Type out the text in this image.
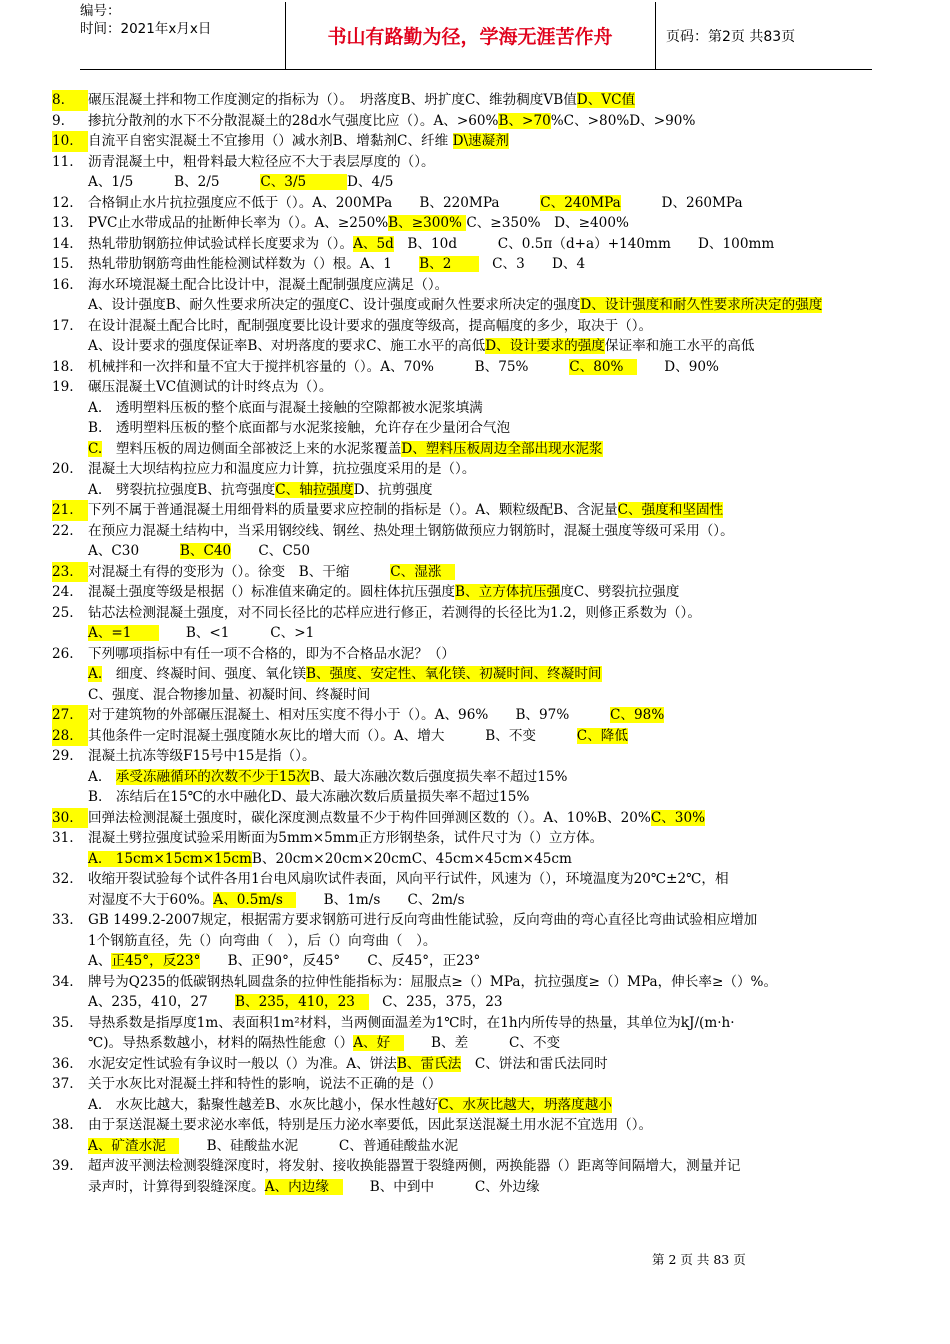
编号：
时间：2021年x月x日	书山有路勤为径，学海无涯苦作舟	页码：第2页 共83页
8.	碾压混凝土拌和物工作度测定的指标为（）。　坍落度B、坍扩度C、维勃稠度VB值D、VC值
9.	掺抗分散剂的水下不分散混凝土的28d水气强度比应（）。A、>60%B、>70%C、>80%D、>90%
10.	自流平自密实混凝土不宜掺用（）减水剂B、增黏剂C、纤维 D\速凝剂
11.	沥青混凝土中，粗骨料最大粒径应不大于表层厚度的（）。
A、1/5　　　B、2/5　　　C、3/5　　　D、4/5
12.	合格铜止水片抗拉强度应不低于（）。A、200MPa　　B、220MPa　　　C、240MPa　　　D、260MPa
13.	PVC止水带成品的扯断伸长率为（）。A、≥250%B、≥300% C、≥350%　D、≥400%
14.	热轧带肋钢筋拉伸试验试样长度要求为（）。A、5d　B、10d　　　C、0.5π（d+a）+140mm　　D、100mm
15.	热轧带肋钢筋弯曲性能检测试样数为（）根。A、1　　B、2　　　C、3　　D、4
16.	海水环境混凝土配合比设计中，混凝土配制强度应满足（）。
A、设计强度B、耐久性要求所决定的强度C、设计强度或耐久性要求所决定的强度D、设计强度和耐久性要求所决定的强度
17.	在设计混凝土配合比时，配制强度要比设计要求的强度等级高，提高幅度的多少，取决于（）。
A、设计要求的强度保证率B、对坍落度的要求C、施工水平的高低D、设计要求的强度保证率和施工水平的高低
18.	机械拌和一次拌和量不宜大于搅拌机容量的（）。A、70%　　　B、75%　　　C、80%　　　D、90%
19.	碾压混凝土VC值测试的计时终点为（）。
A.　透明塑料压板的整个底面与混凝土接触的空隙都被水泥浆填满
B.　透明塑料压板的整个底面都与水泥浆接触，允许存在少量闭合气泡
C.　塑料压板的周边侧面全部被泛上来的水泥浆覆盖D、塑料压板周边全部出现水泥浆
20.	混凝土大坝结构拉应力和温度应力计算，抗拉强度采用的是（）。
A.　劈裂抗拉强度B、抗弯强度C、轴拉强度D、抗剪强度
21.	下列不属于普通混凝土用细骨料的质量要求应控制的指标是（）。A、颗粒级配B、含泥量C、强度和坚固性
22.	在预应力混凝土结构中，当采用钢绞线、钢丝、热处理土钢筋做预应力钢筋时，混凝土强度等级可采用（）。
A、C30　　　B、C40　　C、C50
23.	对混凝土有得的变形为（）。徐变　B、干缩　　　C、湿涨　
24.	混凝土强度等级是根据（）标准值来确定的。圆柱体抗压强度B、立方体抗压强度C、劈裂抗拉强度
25.	钻芯法检测混凝土强度，对不同长径比的芯样应进行修正，若测得的长径比为1.2，则修正系数为（）。
A、=1　　　　B、<1　　　C、>1
26.	下列哪项指标中有任一项不合格的，即为不合格品水泥？（）
A.　细度、终凝时间、强度、氧化镁B、强度、安定性、氧化镁、初凝时间、终凝时间
C、强度、混合物掺加量、初凝时间、终凝时间
27.	对于建筑物的外部碾压混凝土、相对压实度不得小于（）。A、96%　　B、97%　　　C、98%
28.	其他条件一定时混凝土强度随水灰比的增大而（）。A、增大　　　B、不变　　　C、降低
29.	混凝土抗冻等级F15号中15是指（）。
A.　承受冻融循环的次数不少于15次B、最大冻融次数后强度损失率不超过15%
B.　冻结后在15℃的水中融化D、最大冻融次数后质量损失率不超过15%
30.	回弹法检测混凝土强度时，碳化深度测点数量不少于构件回弹测区数的（）。A、10%B、20%C、30%
31.	混凝土劈拉强度试验采用断面为5mm×5mm正方形钢垫条，试件尺寸为（）立方体。
A.　15cm×15cm×15cmB、20cm×20cm×20cmC、45cm×45cm×45cm
32.	收缩开裂试验每个试件各用1台电风扇吹试件表面，风向平行试件，风速为（），环境温度为20℃±2℃，相
对湿度不大于60%。A、0.5m/s　　　B、1m/s　　C、2m/s
33.	GB 1499.2-2007规定，根据需方要求钢筋可进行反向弯曲性能试验，反向弯曲的弯心直径比弯曲试验相应增加
1个钢筋直径，先（）向弯曲（　），后（）向弯曲（　）。
A、正45°，反23°　　B、正90°，反45°　　C、反45°，正23°
34.	牌号为Q235的低碳钢热轧圆盘条的拉伸性能指标为：屈服点≥（）MPa，抗拉强度≥（）MPa，伸长率≥（）%。
A、235，410，27　　B、235，410，23　　C、235，375，23
35.	导热系数是指厚度1m、表面积1m²材料，当两侧面温差为1℃时，在1h内所传导的热量，其单位为kJ/(m·h·
℃)。导热系数越小，材料的隔热性能愈（）A、好　　　B、差　　　C、不变
36.	水泥安定性试验有争议时一般以（）为准。A、饼法B、雷氏法　C、饼法和雷氏法同时
37.	关于水灰比对混凝土拌和特性的影响，说法不正确的是（）
A.　水灰比越大，黏聚性越差B、水灰比越小，保水性越好C、水灰比越大，坍落度越小
38.	由于泵送混凝土要求泌水率低，特别是压力泌水率要低，因此泵送混凝土用水泥不宜选用（）。
A、矿渣水泥　　　B、硅酸盐水泥　　　C、普通硅酸盐水泥
39.	超声波平测法检测裂缝深度时，将发射、接收换能器置于裂缝两侧，两换能器（）距离等间隔增大，测量并记
录声时，计算得到裂缝深度。A、内边缘　　　B、中到中　　　C、外边缘
第 2 页 共 83 页
